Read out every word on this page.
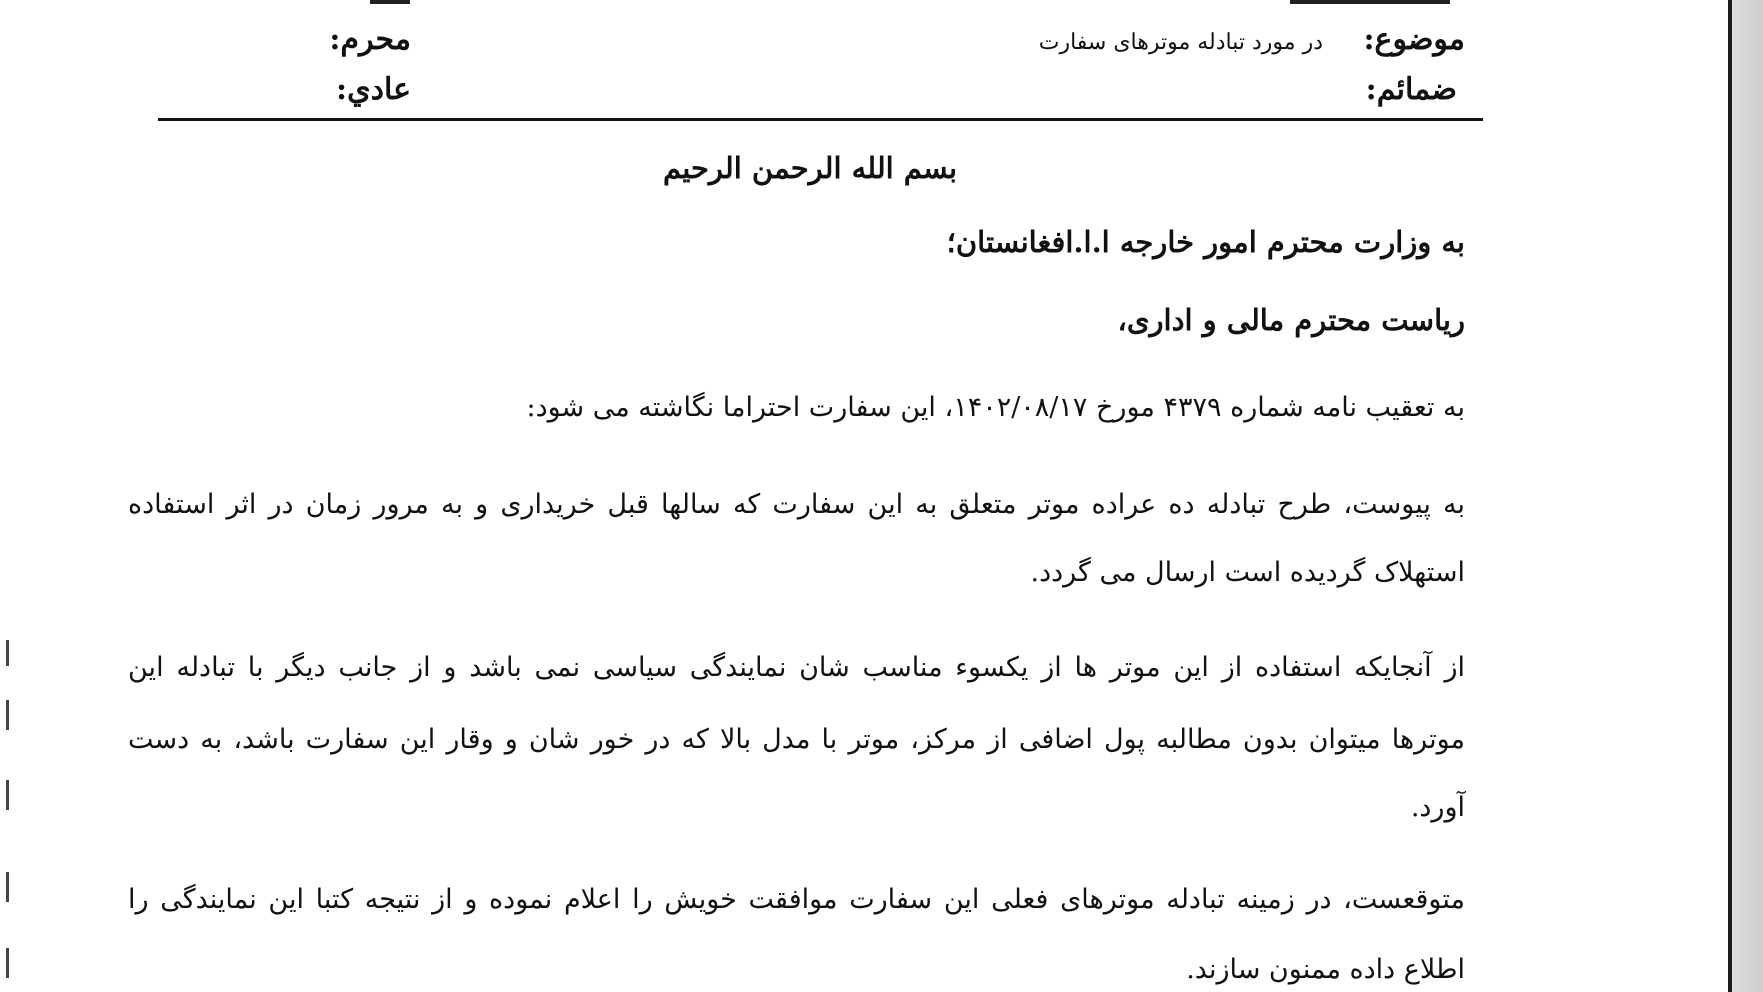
موضوع:
در مورد تبادله موترهای سفارت
ضمائم:
محرم:
عادي:
بسم الله الرحمن الرحيم
به وزارت محترم امور خارجه ا.ا.افغانستان؛
ریاست محترم مالی و اداری،
به تعقیب نامه شماره ۴۳۷۹ مورخ ۱۴۰۲/۰۸/۱۷، این سفارت احتراما نگاشته می شود:
به پیوست، طرح تبادله ده عراده موتر متعلق به این سفارت که سالها قبل خریداری و به مرور زمان در اثر استفاده
استهلاک گردیده است ارسال می گردد.
از آنجایکه استفاده از این موتر ها از یکسوء مناسب شان نمایندگی سیاسی نمی باشد و از جانب دیگر با تبادله این
موترها میتوان بدون مطالبه پول اضافی از مرکز، موتر با مدل بالا که در خور شان و وقار این سفارت باشد، به دست
آورد.
متوقعست، در زمینه تبادله موترهای فعلی این سفارت موافقت خویش را اعلام نموده و از نتیجه کتبا این نمایندگی را
اطلاع داده ممنون سازند.
